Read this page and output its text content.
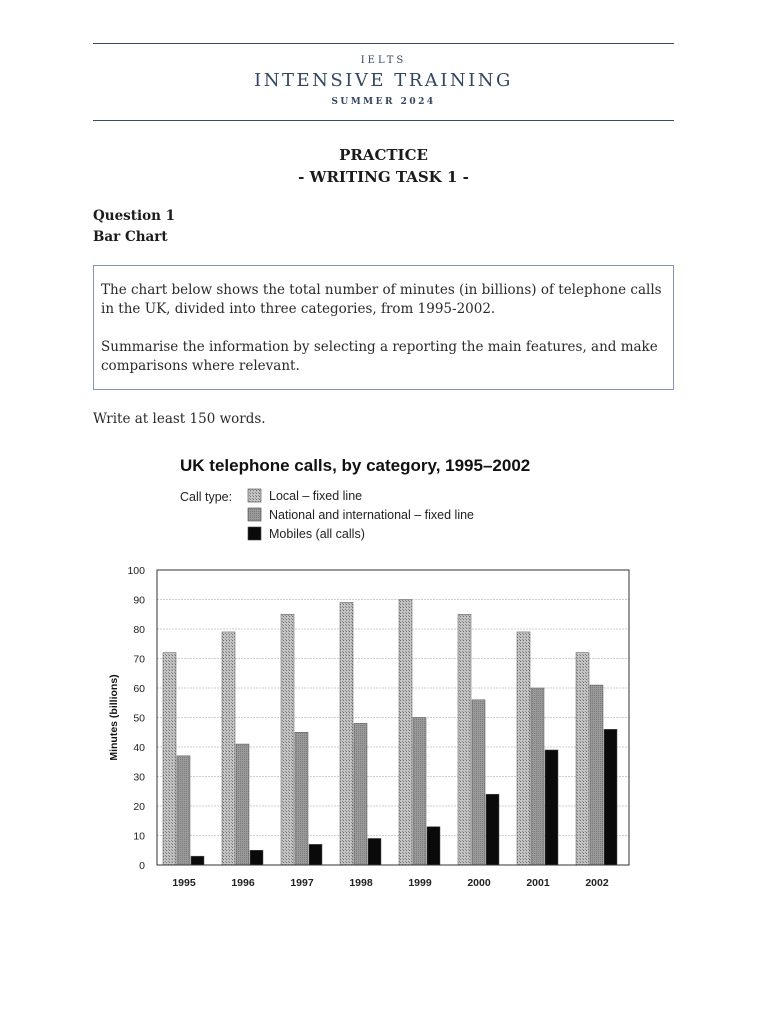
IELTS
INTENSIVE TRAINING
SUMMER 2024
PRACTICE
- WRITING TASK 1 -
Question 1
Bar Chart

The chart below shows the total number of minutes (in billions) of telephone calls in the UK, divided into three categories, from 1995-2002.

Summarise the information by selecting a reporting the main features, and make comparisons where relevant.

Write at least 150 words.
UK telephone calls, by category, 1995–2002
Call type:	Local – fixed line
National and international – fixed line
Mobiles (all calls)
0
10
20
30
40
50
60
70
80
90
100
1995	1996	1997	1998	1999	2000	2001	2002
Minutes (billions)
